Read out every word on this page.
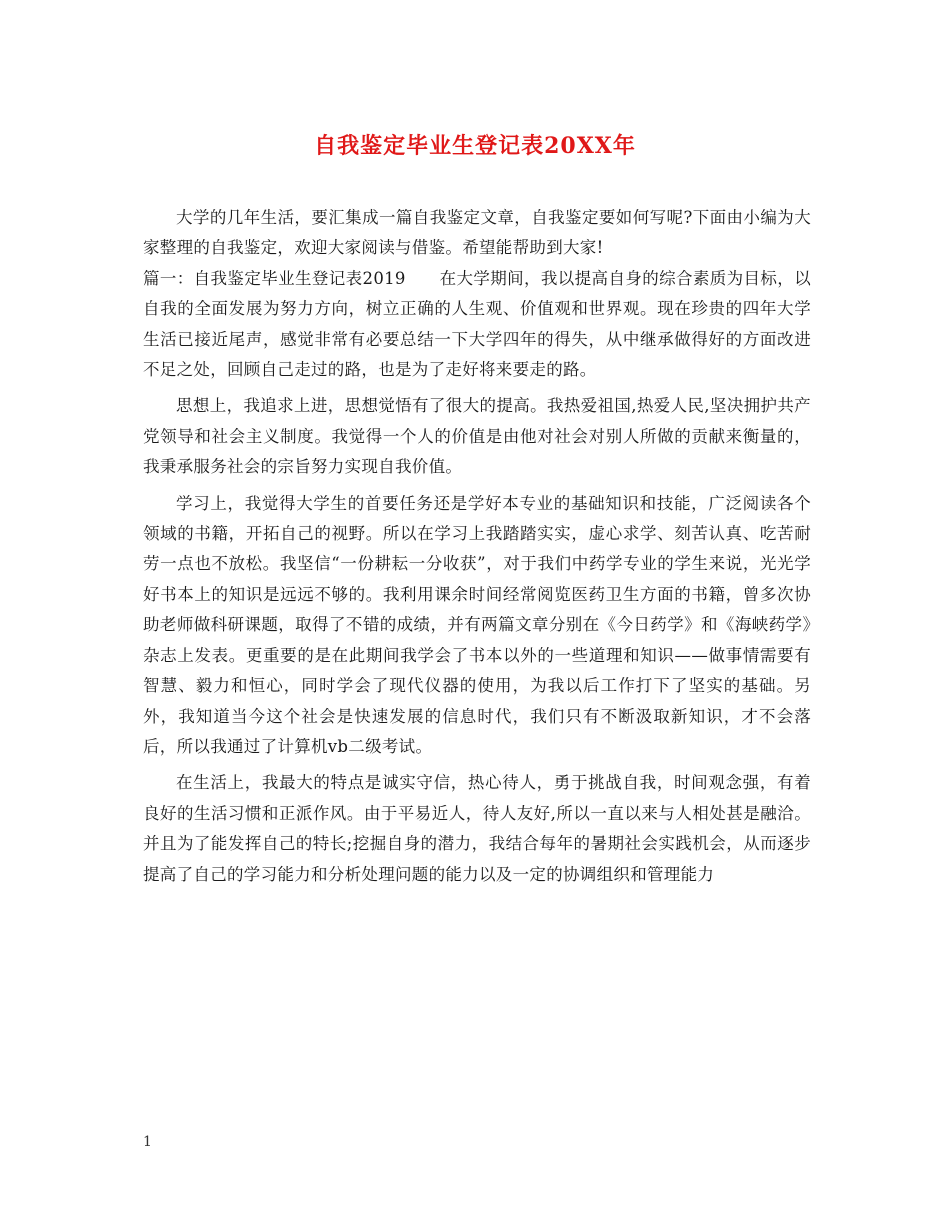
自我鉴定毕业生登记表20XX年

大学的几年生活，要汇集成一篇自我鉴定文章，自我鉴定要如何写呢?下面由小编为大家整理的自我鉴定，欢迎大家阅读与借鉴。希望能帮助到大家!

篇一：自我鉴定毕业生登记表2019　　在大学期间，我以提高自身的综合素质为目标，以自我的全面发展为努力方向，树立正确的人生观、价值观和世界观。现在珍贵的四年大学生活已接近尾声，感觉非常有必要总结一下大学四年的得失，从中继承做得好的方面改进不足之处，回顾自己走过的路，也是为了走好将来要走的路。

思想上，我追求上进，思想觉悟有了很大的提高。我热爱祖国,热爱人民,坚决拥护共产党领导和社会主义制度。我觉得一个人的价值是由他对社会对别人所做的贡献来衡量的，我秉承服务社会的宗旨努力实现自我价值。

学习上，我觉得大学生的首要任务还是学好本专业的基础知识和技能，广泛阅读各个领域的书籍，开拓自己的视野。所以在学习上我踏踏实实，虚心求学、刻苦认真、吃苦耐劳一点也不放松。我坚信“一份耕耘一分收获”，对于我们中药学专业的学生来说，光光学好书本上的知识是远远不够的。我利用课余时间经常阅览医药卫生方面的书籍，曾多次协助老师做科研课题，取得了不错的成绩，并有两篇文章分别在《今日药学》和《海峡药学》杂志上发表。更重要的是在此期间我学会了书本以外的一些道理和知识——做事情需要有智慧、毅力和恒心，同时学会了现代仪器的使用，为我以后工作打下了坚实的基础。另外，我知道当今这个社会是快速发展的信息时代，我们只有不断汲取新知识，才不会落后，所以我通过了计算机vb二级考试。

在生活上，我最大的特点是诚实守信，热心待人，勇于挑战自我，时间观念强，有着良好的生活习惯和正派作风。由于平易近人，待人友好,所以一直以来与人相处甚是融洽。并且为了能发挥自己的特长;挖掘自身的潜力，我结合每年的暑期社会实践机会，从而逐步提高了自己的学习能力和分析处理问题的能力以及一定的协调组织和管理能力

1
